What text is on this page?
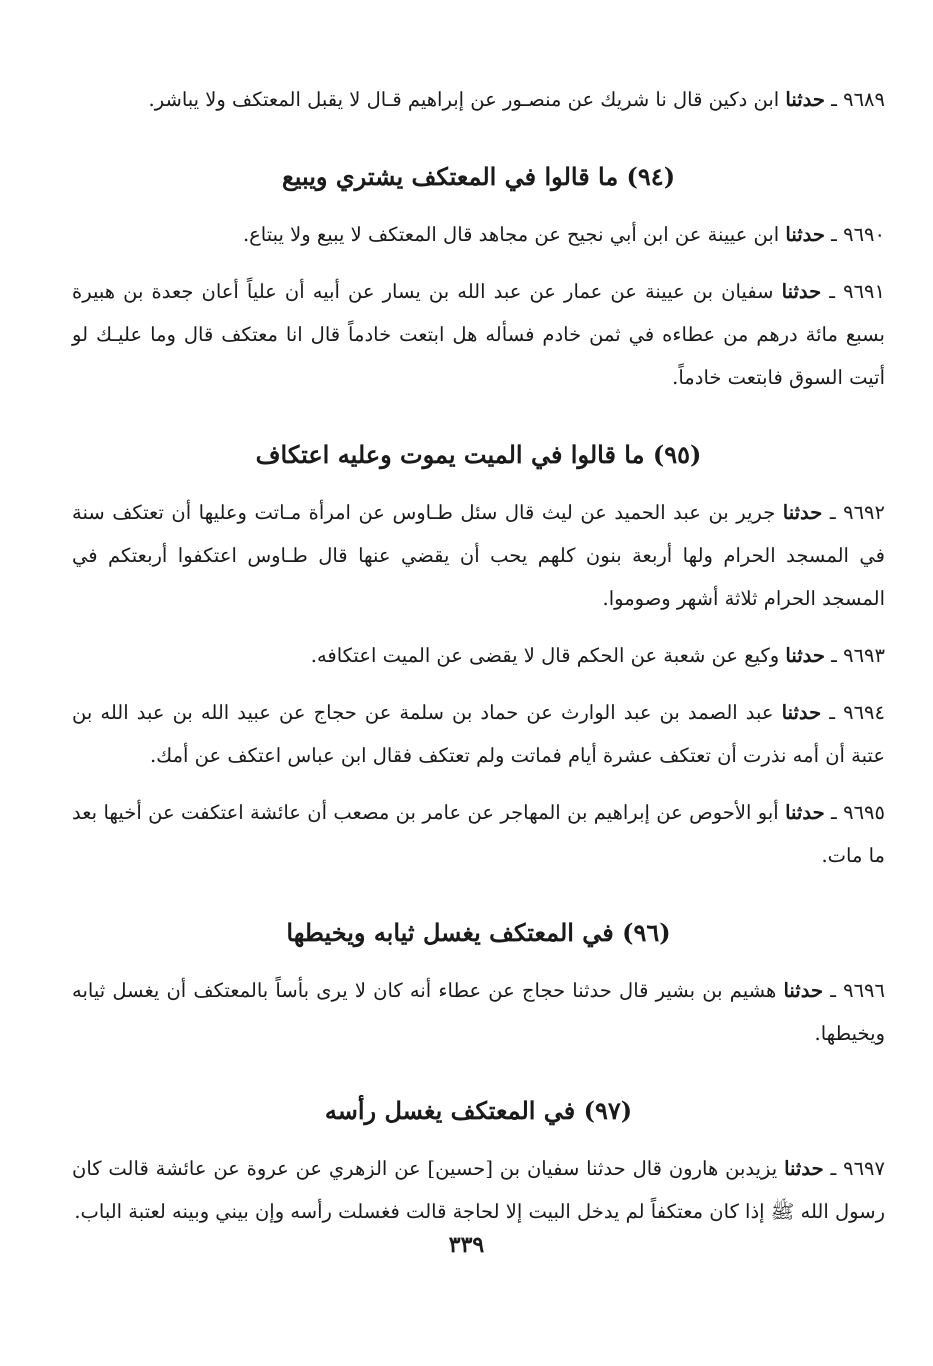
٩٦٨٩ ـ حدثنا ابن دكين قال نا شريك عن منصـور عن إبراهيم قـال لا يقبل المعتكف ولا يباشر.

(٩٤) ما قالوا في المعتكف يشتري ويبيع

٩٦٩٠ ـ حدثنا ابن عيينة عن ابن أبي نجيح عن مجاهد قال المعتكف لا يبيع ولا يبتاع.

٩٦٩١ ـ حدثنا سفيان بن عيينة عن عمار عن عبد الله بن يسار عن أبيه أن علياً أعان جعدة بن هبيرة بسبع مائة درهم من عطاءه في ثمن خادم فسأله هل ابتعت خادماً قال انا معتكف قال وما عليـك لو أتيت السوق فابتعت خادماً.

(٩٥) ما قالوا في الميت يموت وعليه اعتكاف

٩٦٩٢ ـ حدثنا جرير بن عبد الحميد عن ليث قال سئل طـاوس عن امرأة مـاتت وعليها أن تعتكف سنة في المسجد الحرام ولها أربعة بنون كلهم يحب أن يقضي عنها قال طـاوس اعتكفوا أربعتكم في المسجد الحرام ثلاثة أشهر وصوموا.

٩٦٩٣ ـ حدثنا وكيع عن شعبة عن الحكم قال لا يقضى عن الميت اعتكافه.

٩٦٩٤ ـ حدثنا عبد الصمد بن عبد الوارث عن حماد بن سلمة عن حجاج عن عبيد الله بن عبد الله بن عتبة أن أمه نذرت أن تعتكف عشرة أيام فماتت ولم تعتكف فقال ابن عباس اعتكف عن أمك.

٩٦٩٥ ـ حدثنا أبو الأحوص عن إبراهيم بن المهاجر عن عامر بن مصعب أن عائشة اعتكفت عن أخيها بعد ما مات.

(٩٦) في المعتكف يغسل ثيابه ويخيطها

٩٦٩٦ ـ حدثنا هشيم بن بشير قال حدثنا حجاج عن عطاء أنه كان لا يرى بأساً بالمعتكف أن يغسل ثيابه ويخيطها.

(٩٧) في المعتكف يغسل رأسه

٩٦٩٧ ـ حدثنا يزيدبن هارون قال حدثنا سفيان بن [حسين] عن الزهري عن عروة عن عائشة قالت كان رسول الله ﷺ إذا كان معتكفاً لم يدخل البيت إلا لحاجة قالت فغسلت رأسه وإن بيني وبينه لعتبة الباب.

٣٣٩
